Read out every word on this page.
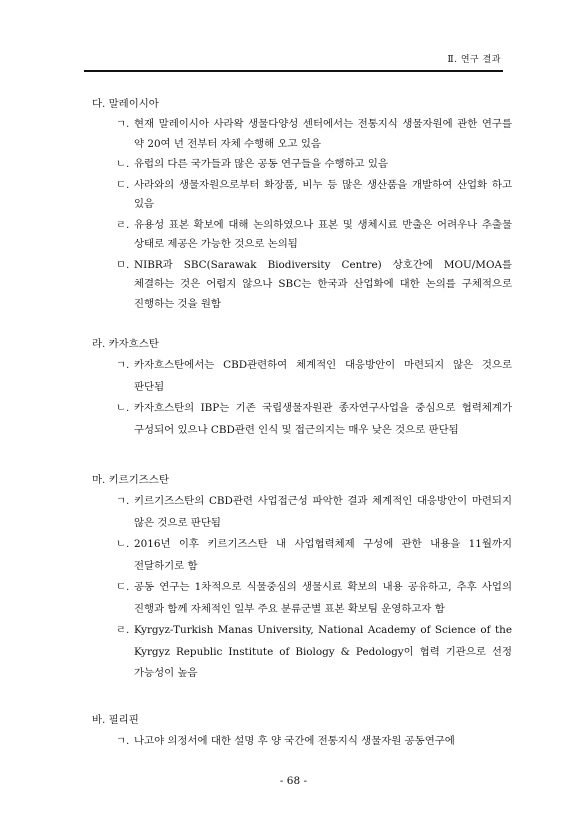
Ⅱ. 연구 결과
다. 말레이시아
ㄱ. 현재 말레이시아 사라왁 생물다양성 센터에서는 전통지식 생물자원에 관한 연구를 약 20여 년 전부터 자체 수행해 오고 있음
ㄴ. 유럽의 다른 국가들과 많은 공동 연구들을 수행하고 있음
ㄷ. 사라와의 생물자원으로부터 화장품, 비누 등 많은 생산품을 개발하여 산업화 하고 있음
ㄹ. 유용성 표본 확보에 대해 논의하였으나 표본 및 생체시료 반출은 어려우나 추출물 상태로 제공은 가능한 것으로 논의됨
ㅁ. NIBR과 SBC(Sarawak Biodiversity Centre) 상호간에 MOU/MOA를 체결하는 것은 어렵지 않으나 SBC는 한국과 산업화에 대한 논의를 구체적으로 진행하는 것을 원함
라. 카자흐스탄
ㄱ. 카자흐스탄에서는 CBD관련하여 체계적인 대응방안이 마련되지 않은 것으로 판단됨
ㄴ. 카자흐스탄의 IBP는 기존 국립생물자원관 종자연구사업을 중심으로 협력체계가 구성되어 있으나 CBD관련 인식 및 접근의지는 매우 낮은 것으로 판단됨
마. 키르기즈스탄
ㄱ. 키르기즈스탄의 CBD관련 사업접근성 파악한 결과 체계적인 대응방안이 마련되지 않은 것으로 판단됨
ㄴ. 2016년 이후 키르기즈스탄 내 사업협력체제 구성에 관한 내용을 11월까지 전달하기로 함
ㄷ. 공동 연구는 1차적으로 식물중심의 생물시료 확보의 내용 공유하고, 추후 사업의 진행과 함께 자체적인 일부 주요 분류군별 표본 확보팀 운영하고자 함
ㄹ. Kyrgyz-Turkish Manas University, National Academy of Science of the Kyrgyz Republic Institute of Biology & Pedology이 협력 기관으로 선정 가능성이 높음
바. 필리핀
ㄱ. 나고야 의정서에 대한 설명 후 양 국간에 전통지식 생물자원 공동연구에
- 68 -
